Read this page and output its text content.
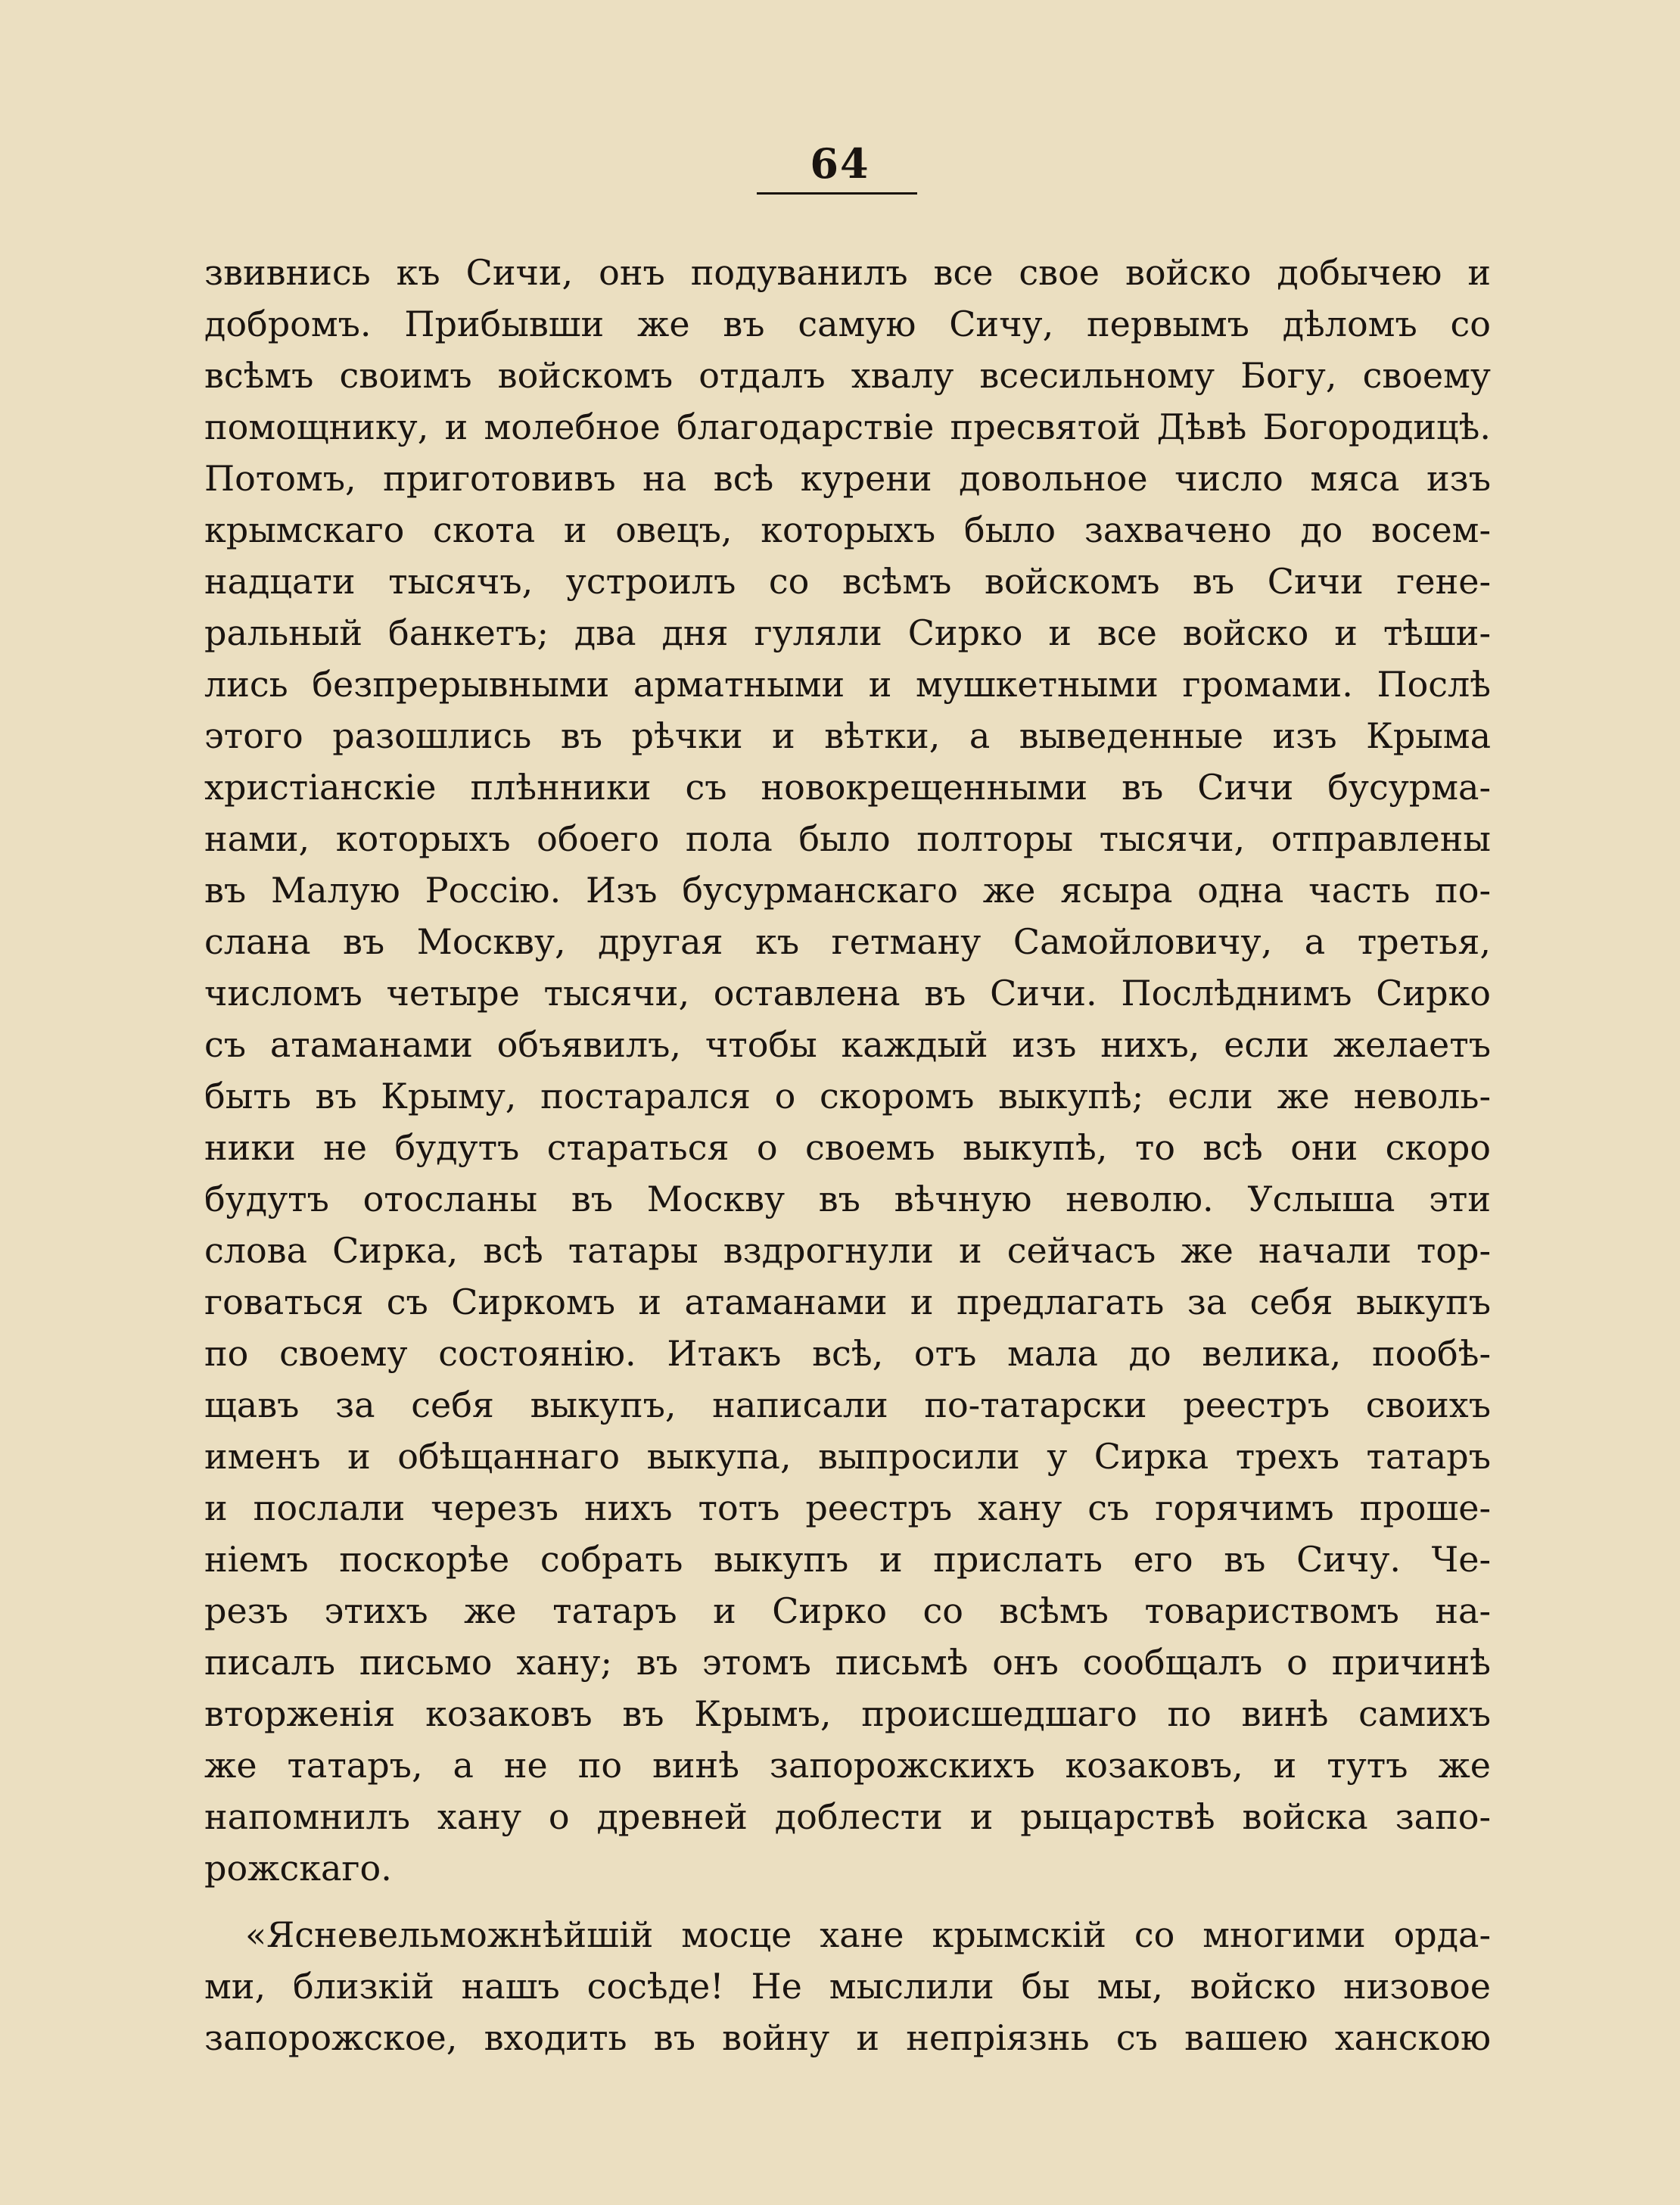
64
звивнись къ Сичи, онъ подуванилъ все свое войско добычею и
добромъ. Прибывши же въ самую Сичу, первымъ дѣломъ со
всѣмъ своимъ войскомъ отдалъ хвалу всесильному Богу, своему
помощнику, и молебное благодарствіе пресвятой Дѣвѣ Богородицѣ.
Потомъ, приготовивъ на всѣ курени довольное число мяса изъ
крымскаго скота и овецъ, которыхъ было захвачено до восем-
надцати тысячъ, устроилъ со всѣмъ войскомъ въ Сичи гене-
ральный банкетъ; два дня гуляли Сирко и все войско и тѣши-
лись безпрерывными арматными и мушкетными громами. Послѣ
этого разошлись въ рѣчки и вѣтки, а выведенные изъ Крыма
христіанскіе плѣнники съ новокрещенными въ Сичи бусурма-
нами, которыхъ обоего пола было полторы тысячи, отправлены
въ Малую Россію. Изъ бусурманскаго же ясыра одна часть по-
слана въ Москву, другая къ гетману Самойловичу, а третья,
числомъ четыре тысячи, оставлена въ Сичи. Послѣднимъ Сирко
съ атаманами объявилъ, чтобы каждый изъ нихъ, если желаетъ
быть въ Крыму, постарался о скоромъ выкупѣ; если же неволь-
ники не будутъ стараться о своемъ выкупѣ, то всѣ они скоро
будутъ отосланы въ Москву въ вѣчную неволю. Услыша эти
слова Сирка, всѣ татары вздрогнули и сейчасъ же начали тор-
говаться съ Сиркомъ и атаманами и предлагать за себя выкупъ
по своему состоянію. Итакъ всѣ, отъ мала до велика, пообѣ-
щавъ за себя выкупъ, написали по-татарски реестръ своихъ
именъ и обѣщаннаго выкупа, выпросили у Сирка трехъ татаръ
и послали черезъ нихъ тотъ реестръ хану съ горячимъ проше-
ніемъ поскорѣе собрать выкупъ и прислать его въ Сичу. Че-
резъ этихъ же татаръ и Сирко со всѣмъ товариствомъ на-
писалъ письмо хану; въ этомъ письмѣ онъ сообщалъ о причинѣ
вторженія козаковъ въ Крымъ, происшедшаго по винѣ самихъ
же татаръ, а не по винѣ запорожскихъ козаковъ, и тутъ же
напомнилъ хану о древней доблести и рыцарствѣ войска запо-
рожскаго.
«Ясневельможнѣйшій мосце хане крымскій со многими орда-
ми, близкій нашъ сосѣде! Не мыслили бы мы, войско низовое
запорожское, входить въ войну и непріязнь съ вашею ханскою
